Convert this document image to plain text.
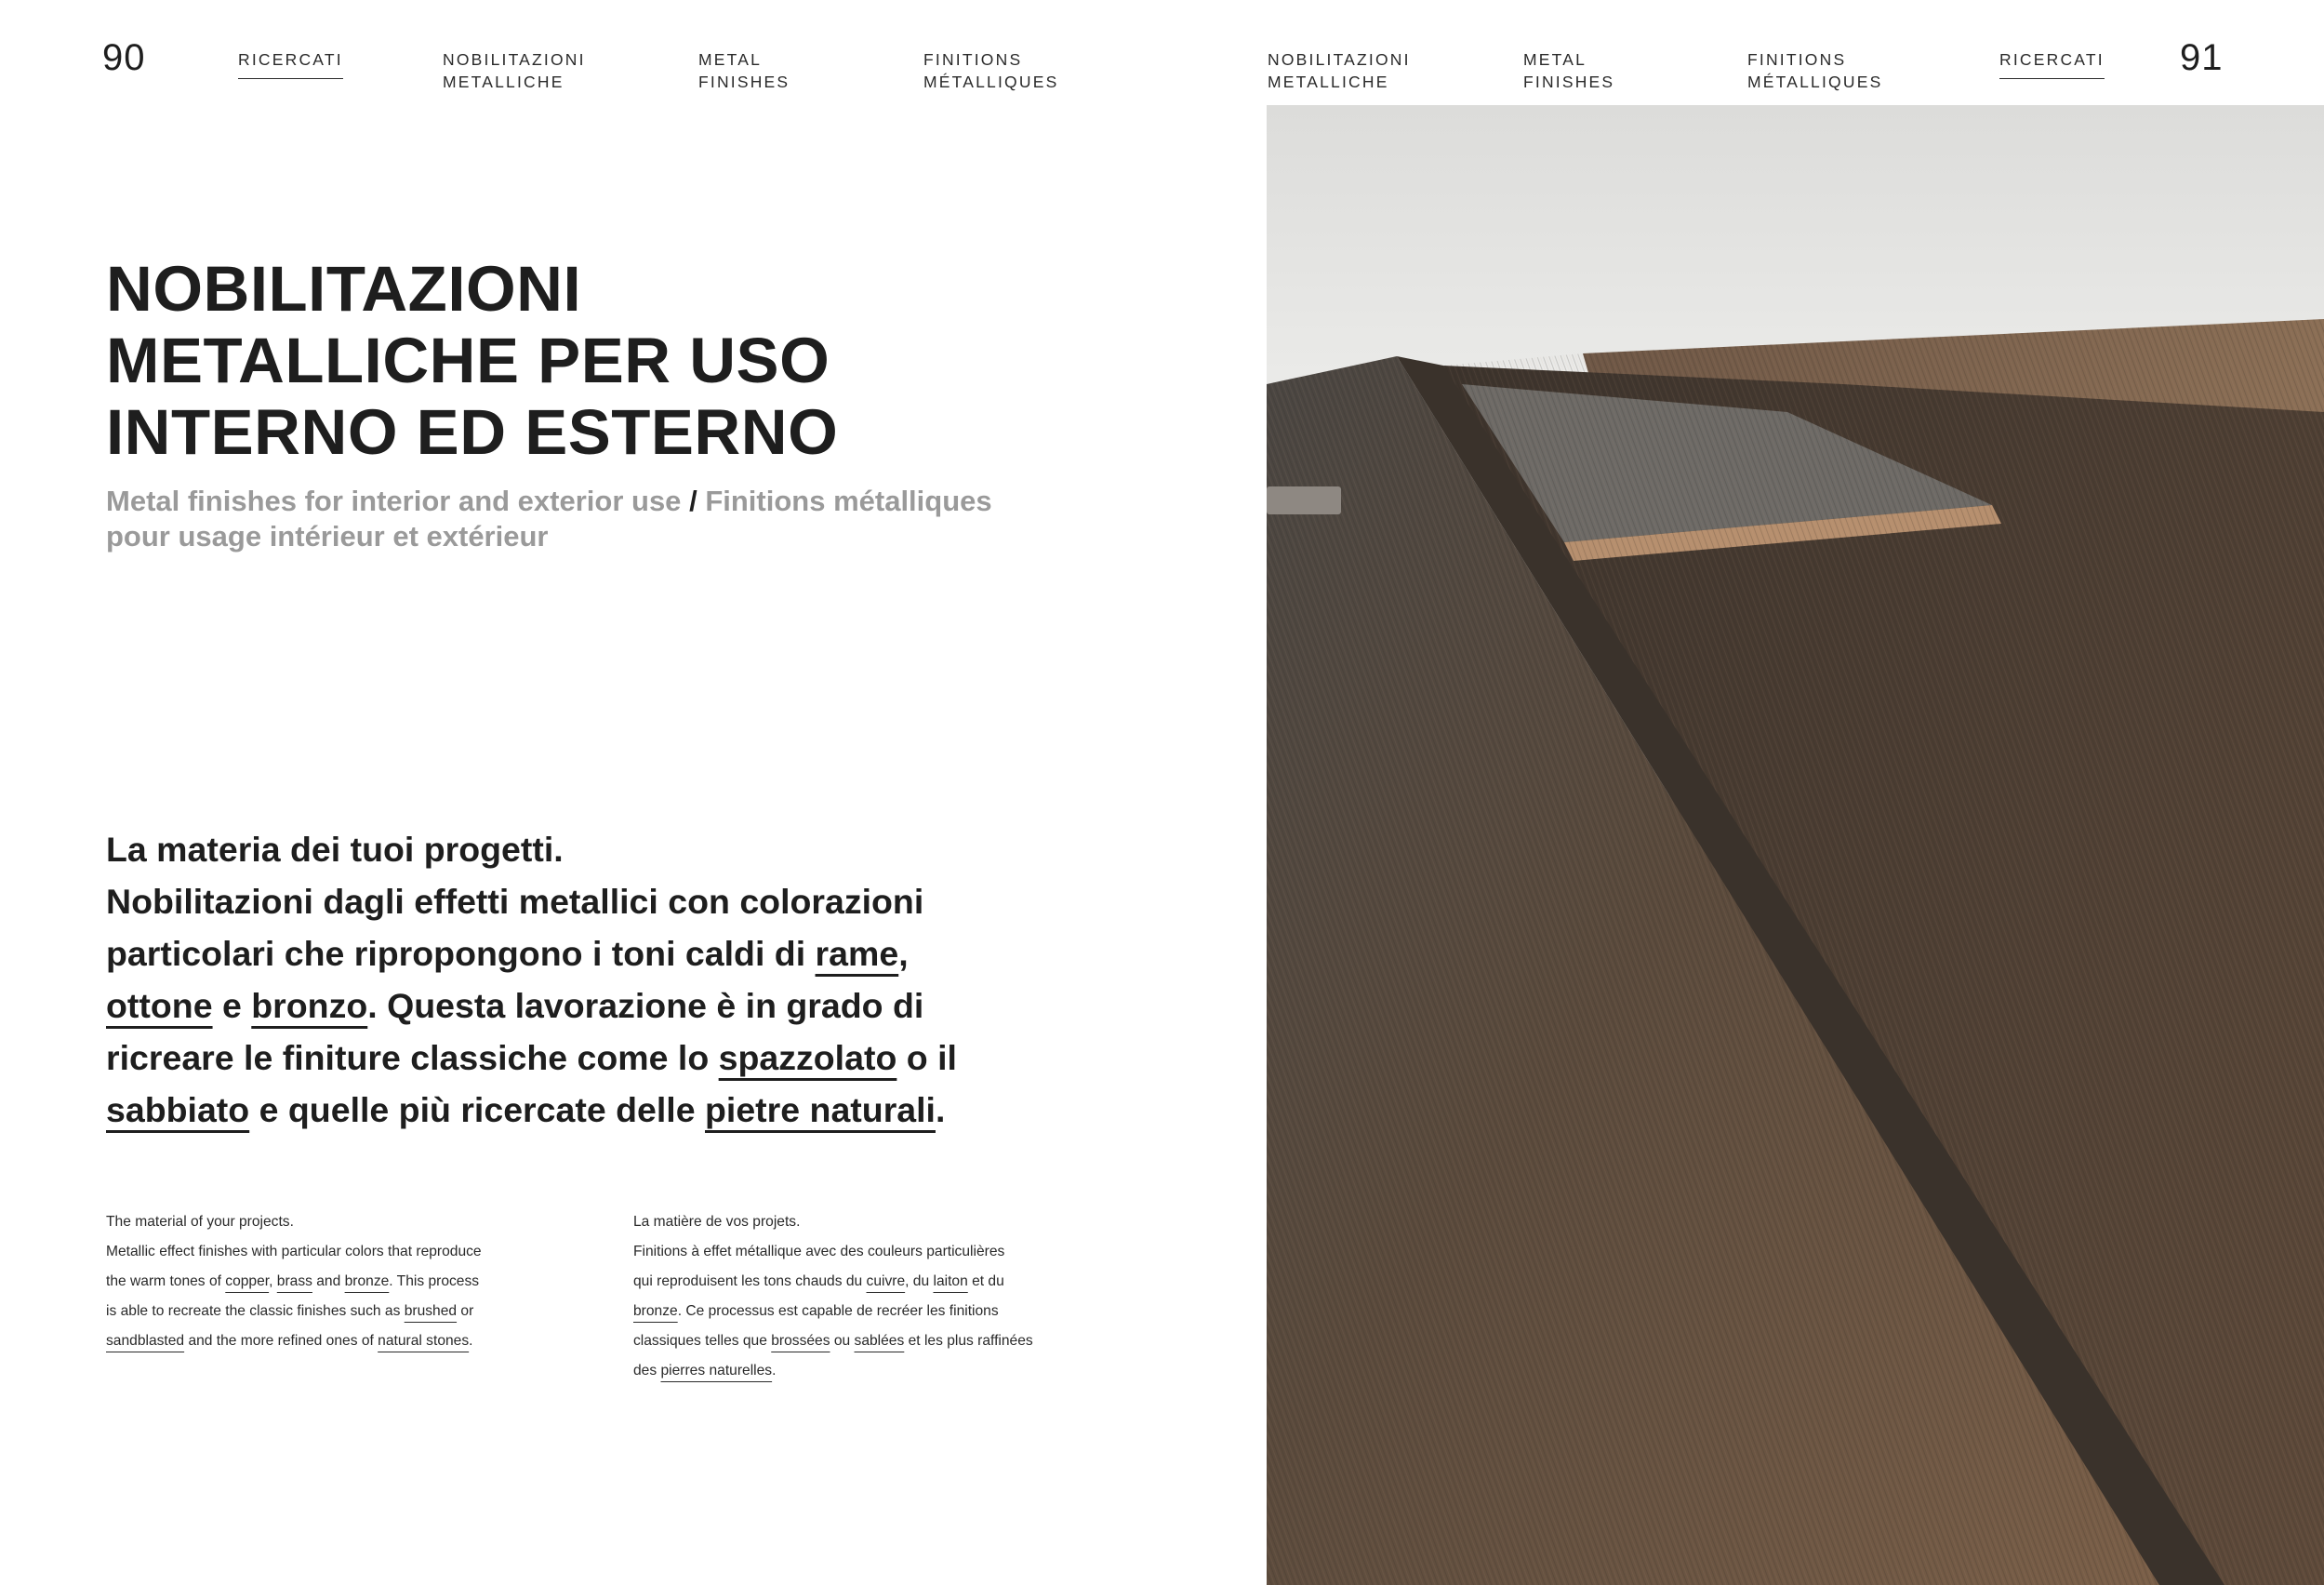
90	RICERCATI	NOBILITAZIONI
METALLICHE
METAL
FINISHES
FINITIONS
MÉTALLIQUES
NOBILITAZIONI
METALLICHE
METAL
FINISHES
FINITIONS
MÉTALLIQUES
RICERCATI 91
NOBILITAZIONI
METALLICHE PER USO
INTERNO ED ESTERNO
Metal finishes for interior and exterior use / Finitions métalliques
pour usage intérieur et extérieur
La materia dei tuoi progetti.
Nobilitazioni dagli effetti metallici con colorazioni
particolari che ripropongono i toni caldi di rame,
ottone e bronzo. Questa lavorazione è in grado di
ricreare le finiture classiche come lo spazzolato o il
sabbiato e quelle più ricercate delle pietre naturali.
The material of your projects.
Metallic effect finishes with particular colors that reproduce
the warm tones of copper, brass and bronze. This process
is able to recreate the classic finishes such as brushed or
sandblasted and the more refined ones of natural stones.
La matière de vos projets.
Finitions à effet métallique avec des couleurs particulières
qui reproduisent les tons chauds du cuivre, du laiton et du
bronze. Ce processus est capable de recréer les finitions
classiques telles que brossées ou sablées et les plus raffinées
des pierres naturelles.
